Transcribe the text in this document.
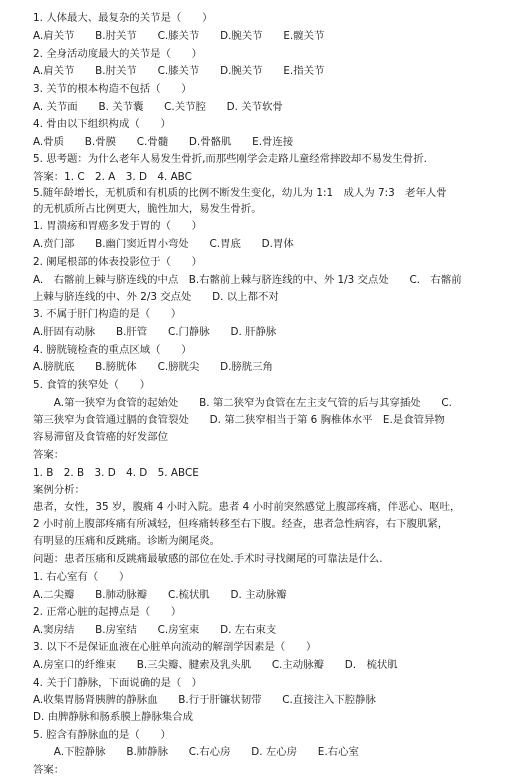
1. 人体最大、最复杂的关节是（　　）
A.肩关节　　B.肘关节　　C.膝关节　　D.腕关节　　E.髋关节
2. 全身活动度最大的关节是（　　）
A.肩关节　　B.肘关节　　C.膝关节　　D.腕关节　　E.指关节
3. 关节的根本构造不包括（　　）
A. 关节面　　B. 关节囊　　C.关节腔　　D. 关节软骨
4. 骨由以下组织构成（　　）
A.骨质　　B.骨膜　　C.骨髓　　D.骨骼肌　　E.骨连接
5. 思考题：为什么老年人易发生骨折,而那些刚学会走路儿童经常摔跤却不易发生骨折.
答案：1. C　2. A　3. D　4. ABC
5.随年龄增长，无机质和有机质的比例不断发生变化，幼儿为 1:1　成人为 7:3　老年人骨
的无机质所占比例更大，脆性加大，易发生骨折。
1. 胃溃疡和胃癌多发于胃的（　　）
A.贲门部　　B.幽门窦近胃小弯处　　C.胃底　　D.胃体
2. 阑尾根部的体表投影位于（　　）
A.　右髂前上棘与脐连线的中点　B.右髂前上棘与脐连线的中、外 1/3 交点处　　C.　右髂前
上棘与脐连线的中、外 2/3 交点处　　D. 以上都不对
3. 不属于肝门构造的是（　　）
A.肝固有动脉　　B.肝管　　C.门静脉　　D. 肝静脉
4. 膀胱镜检查的重点区域（　　）
A.膀胱底　　B.膀胱体　　C.膀胱尖　　D.膀胱三角
5. 食管的狭窄处（　　）
　　A.第一狭窄为食管的起始处　　B. 第二狭窄为食管在左主支气管的后与其穿插处　　C.
第三狭窄为食管通过膈的食管裂处　　D. 第二狭窄相当于第 6 胸椎体水平　E.是食管异物
容易滞留及食管癌的好发部位
答案：
1. B　2. B　3. D　4. D　5. ABCE
案例分析：
患者，女性，35 岁，腹痛 4 小时入院。患者 4 小时前突然感觉上腹部疼痛，伴恶心、呕吐，
2 小时前上腹部疼痛有所减轻，但疼痛转移至右下腹。经查，患者急性病容，右下腹肌紧，
有明显的压痛和反跳痛。诊断为阑尾炎。
问题：患者压痛和反跳痛最敏感的部位在处.手术时寻找阑尾的可靠法是什么.
1. 右心室有（　　）
A.二尖瓣　　B.肺动脉瓣　　C.梳状肌　　D. 主动脉瓣
2. 正常心脏的起搏点是（　　）
A.窦房结　　B.房室结　　C.房室束　　D. 左右束支
3. 以下不是保证血液在心脏单向流动的解剖学因素是（　　）
A.房室口的纤维束　　B.三尖瓣、腱索及乳头肌　　C.主动脉瓣　　D.　梳状肌
4. 关于门静脉，下面说确的是（　）
A.收集胃肠肾胰脾的静脉血　　B.行于肝镰状韧带　　C.直接注入下腔静脉
D. 由脾静脉和肠系膜上静脉集合成
5. 腔含有静脉血的是（　　）
　　A.下腔静脉　　B.肺静脉　　C.右心房　　D. 左心房　　E.右心室
答案：
